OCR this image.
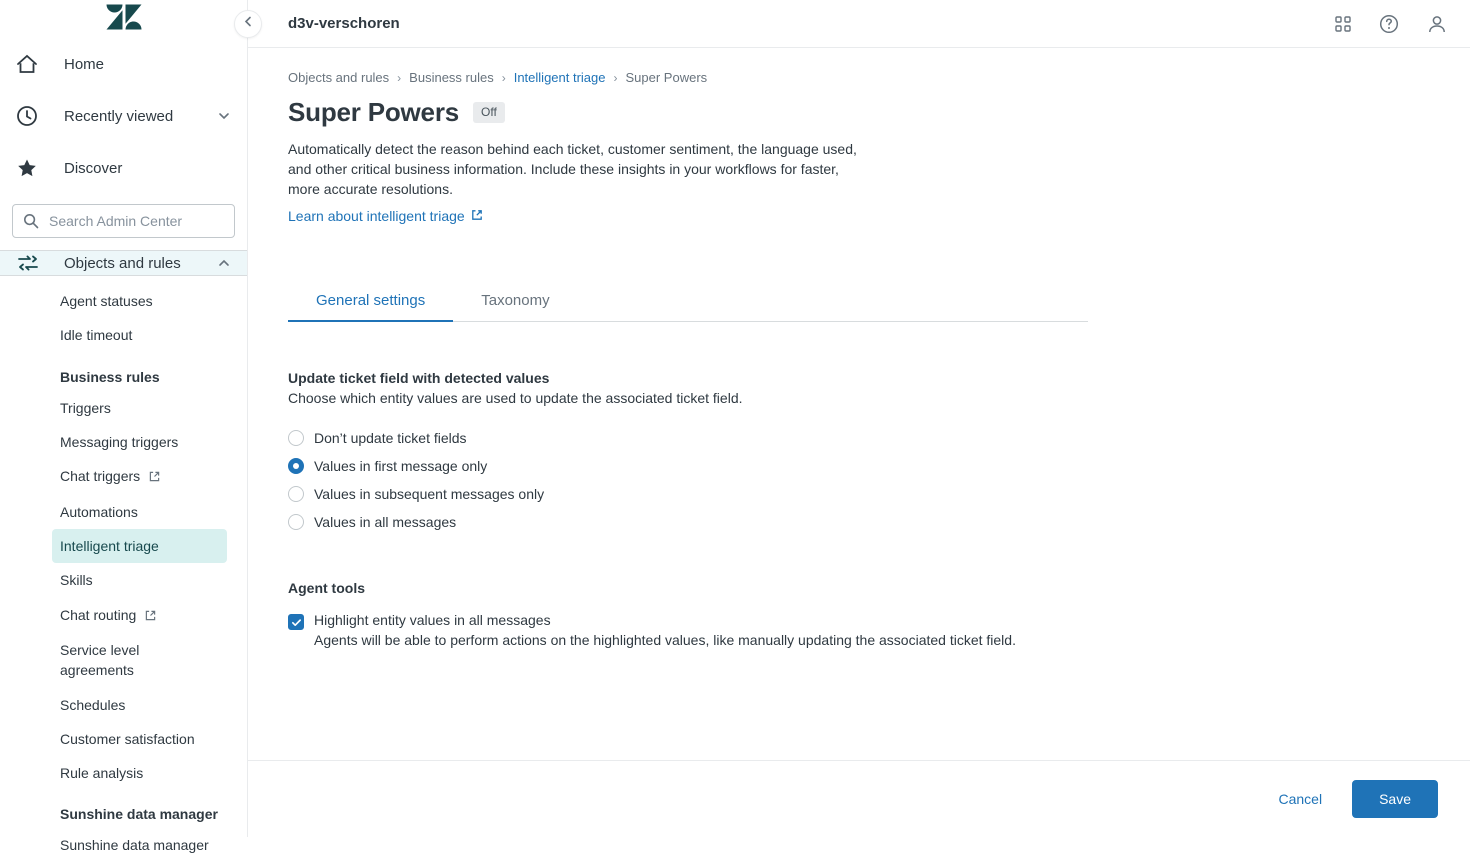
Home
Recently viewed
Discover
Search Admin Center
Objects and rules
Agent statuses
Idle timeout
Business rules
Triggers
Messaging triggers
Chat triggers
Automations
Intelligent triage
Skills
Chat routing
Service level agreements
Schedules
Customer satisfaction
Rule analysis
Sunshine data manager
Sunshine data manager
d3v-verschoren
Objects and rules › Business rules › Intelligent triage › Super Powers
Super Powers	Off
Automatically detect the reason behind each ticket, customer sentiment, the language used, and other critical business information. Include these insights in your workflows for faster, more accurate resolutions.
Learn about intelligent triage
General settings	Taxonomy
Update ticket field with detected values
Choose which entity values are used to update the associated ticket field.
Don’t update ticket fields
Values in first message only
Values in subsequent messages only
Values in all messages
Agent tools
Highlight entity values in all messages
Agents will be able to perform actions on the highlighted values, like manually updating the associated ticket field.
Cancel	Save
